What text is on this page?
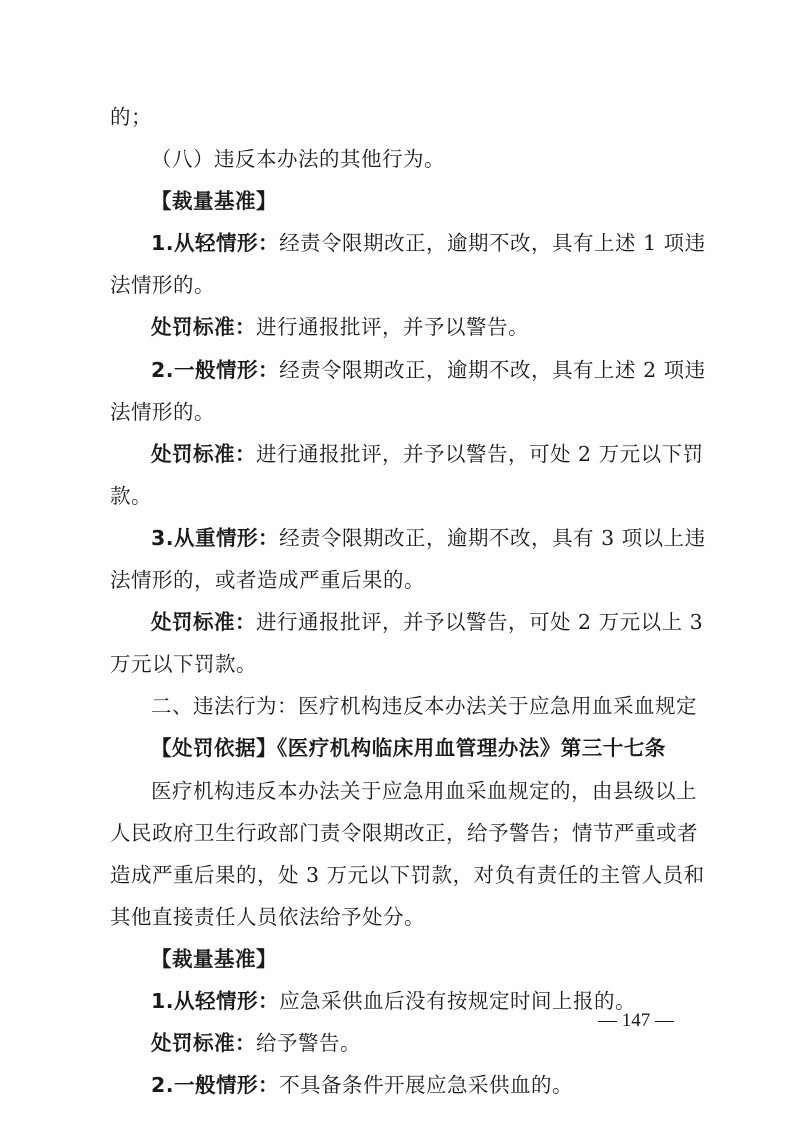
的；
（八）违反本办法的其他行为。
【裁量基准】
1.从轻情形：经责令限期改正，逾期不改，具有上述 1 项违
法情形的。
处罚标准：进行通报批评，并予以警告。
2.一般情形：经责令限期改正，逾期不改，具有上述 2 项违
法情形的。
处罚标准：进行通报批评，并予以警告，可处 2 万元以下罚
款。
3.从重情形：经责令限期改正，逾期不改，具有 3 项以上违
法情形的，或者造成严重后果的。
处罚标准：进行通报批评，并予以警告，可处 2 万元以上 3
万元以下罚款。
二、违法行为：医疗机构违反本办法关于应急用血采血规定
【处罚依据】《医疗机构临床用血管理办法》第三十七条
医疗机构违反本办法关于应急用血采血规定的，由县级以上
人民政府卫生行政部门责令限期改正，给予警告；情节严重或者
造成严重后果的，处 3 万元以下罚款，对负有责任的主管人员和
其他直接责任人员依法给予处分。
【裁量基准】
1.从轻情形：应急采供血后没有按规定时间上报的。
处罚标准：给予警告。
2.一般情形：不具备条件开展应急采供血的。
— 147 —
